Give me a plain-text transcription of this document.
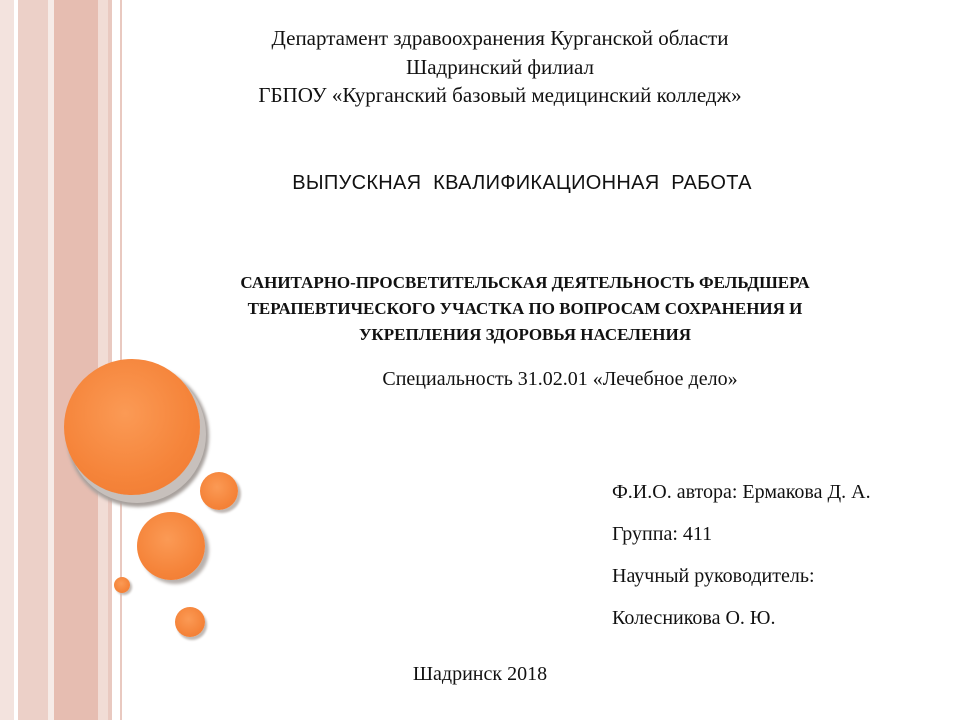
Департамент здравоохранения Курганской области
Шадринский филиал
ГБПОУ «Курганский базовый медицинский колледж»
ВЫПУСКНАЯ  КВАЛИФИКАЦИОННАЯ  РАБОТА
САНИТАРНО-ПРОСВЕТИТЕЛЬСКАЯ ДЕЯТЕЛЬНОСТЬ ФЕЛЬДШЕРА
ТЕРАПЕВТИЧЕСКОГО УЧАСТКА ПО ВОПРОСАМ СОХРАНЕНИЯ И
УКРЕПЛЕНИЯ ЗДОРОВЬЯ НАСЕЛЕНИЯ
Специальность 31.02.01 «Лечебное дело»
Ф.И.О. автора: Ермакова Д. А.
Группа: 411
Научный руководитель:
Колесникова О. Ю.
Шадринск 2018
